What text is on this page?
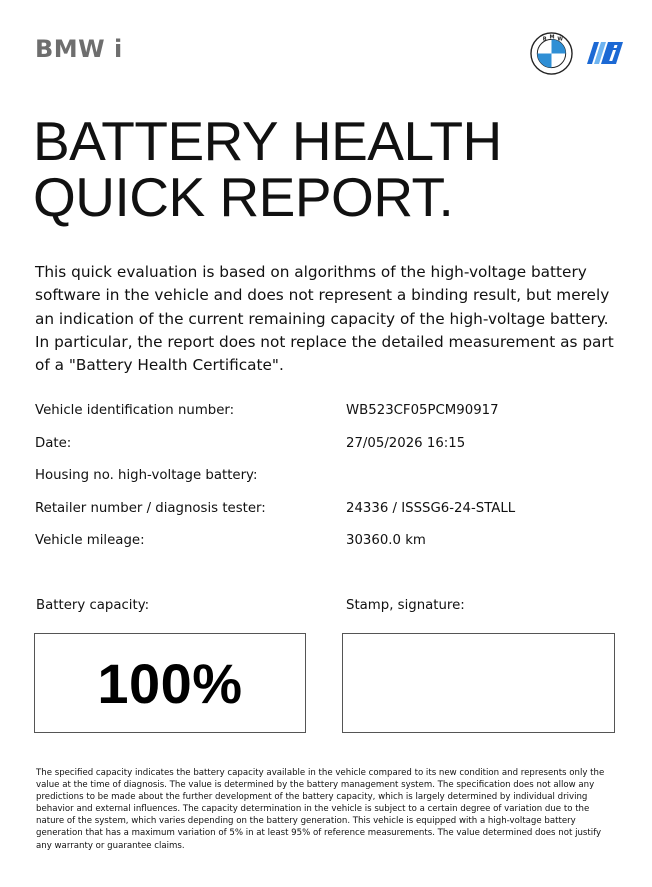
BMW i	B M W
BATTERY HEALTH
QUICK REPORT.

This quick evaluation is based on algorithms of the high-voltage battery software in the vehicle and does not represent a binding result, but merely an indication of the current remaining capacity of the high-voltage battery. In particular, the report does not replace the detailed measurement as part of a "Battery Health Certificate".

Vehicle identification number:	WB523CF05PCM90917
Date:	27/05/2026 16:15
Housing no. high-voltage battery:
Retailer number / diagnosis tester:	24336 / ISSSG6-24-STALL
Vehicle mileage:	30360.0 km
Battery capacity:	Stamp, signature:
100%

The specified capacity indicates the battery capacity available in the vehicle compared to its new condition and represents only the value at the time of diagnosis. The value is determined by the battery management system. The specification does not allow any predictions to be made about the further development of the battery capacity, which is largely determined by individual driving behavior and external influences. The capacity determination in the vehicle is subject to a certain degree of variation due to the nature of the system, which varies depending on the battery generation. This vehicle is equipped with a high-voltage battery generation that has a maximum variation of 5% in at least 95% of reference measurements. The value determined does not justify any warranty or guarantee claims.
